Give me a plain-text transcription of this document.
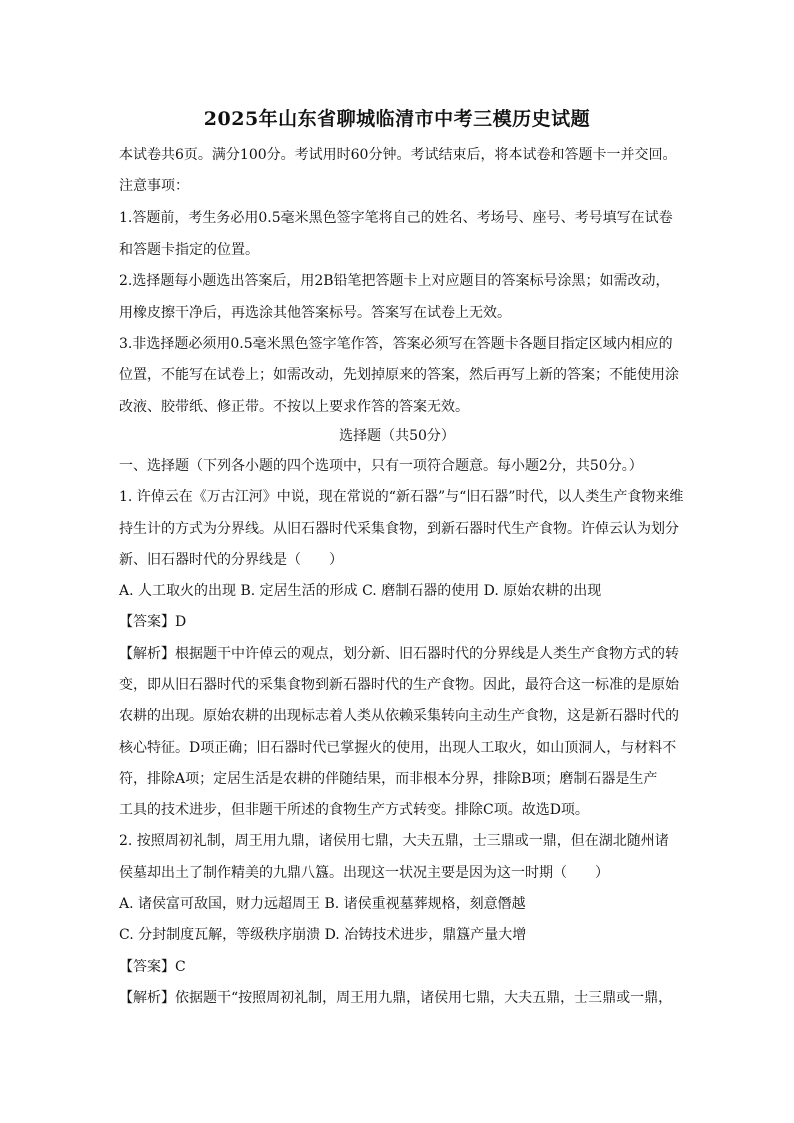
2025年山东省聊城临清市中考三模历史试题
本试卷共6页。满分100分。考试用时60分钟。考试结束后，将本试卷和答题卡一并交回。
注意事项：
1.答题前，考生务必用0.5毫米黑色签字笔将自己的姓名、考场号、座号、考号填写在试卷
和答题卡指定的位置。
2.选择题每小题选出答案后，用2B铅笔把答题卡上对应题目的答案标号涂黑；如需改动，
用橡皮擦干净后，再选涂其他答案标号。答案写在试卷上无效。
3.非选择题必须用0.5毫米黑色签字笔作答，答案必须写在答题卡各题目指定区域内相应的
位置，不能写在试卷上；如需改动，先划掉原来的答案，然后再写上新的答案；不能使用涂
改液、胶带纸、修正带。不按以上要求作答的答案无效。
选择题（共50分）
一、选择题（下列各小题的四个选项中，只有一项符合题意。每小题2分，共50分。）
1. 许倬云在《万古江河》中说，现在常说的“新石器”与“旧石器”时代，以人类生产食物来维
持生计的方式为分界线。从旧石器时代采集食物，到新石器时代生产食物。许倬云认为划分
新、旧石器时代的分界线是（　　）
A. 人工取火的出现 B. 定居生活的形成 C. 磨制石器的使用 D. 原始农耕的出现
【答案】D
【解析】根据题干中许倬云的观点，划分新、旧石器时代的分界线是人类生产食物方式的转
变，即从旧石器时代的采集食物到新石器时代的生产食物。因此，最符合这一标准的是原始
农耕的出现。原始农耕的出现标志着人类从依赖采集转向主动生产食物，这是新石器时代的
核心特征。D项正确；旧石器时代已掌握火的使用，出现人工取火，如山顶洞人，与材料不
符，排除A项；定居生活是农耕的伴随结果，而非根本分界，排除B项；磨制石器是生产
工具的技术进步，但非题干所述的食物生产方式转变。排除C项。故选D项。
2. 按照周初礼制，周王用九鼎，诸侯用七鼎，大夫五鼎，士三鼎或一鼎，但在湖北随州诸
侯墓却出土了制作精美的九鼎八簋。出现这一状况主要是因为这一时期（　　）
A. 诸侯富可敌国，财力远超周王 B. 诸侯重视墓葬规格，刻意僭越
C. 分封制度瓦解，等级秩序崩溃 D. 冶铸技术进步，鼎簋产量大增
【答案】C
【解析】依据题干“按照周初礼制，周王用九鼎，诸侯用七鼎，大夫五鼎，士三鼎或一鼎，
